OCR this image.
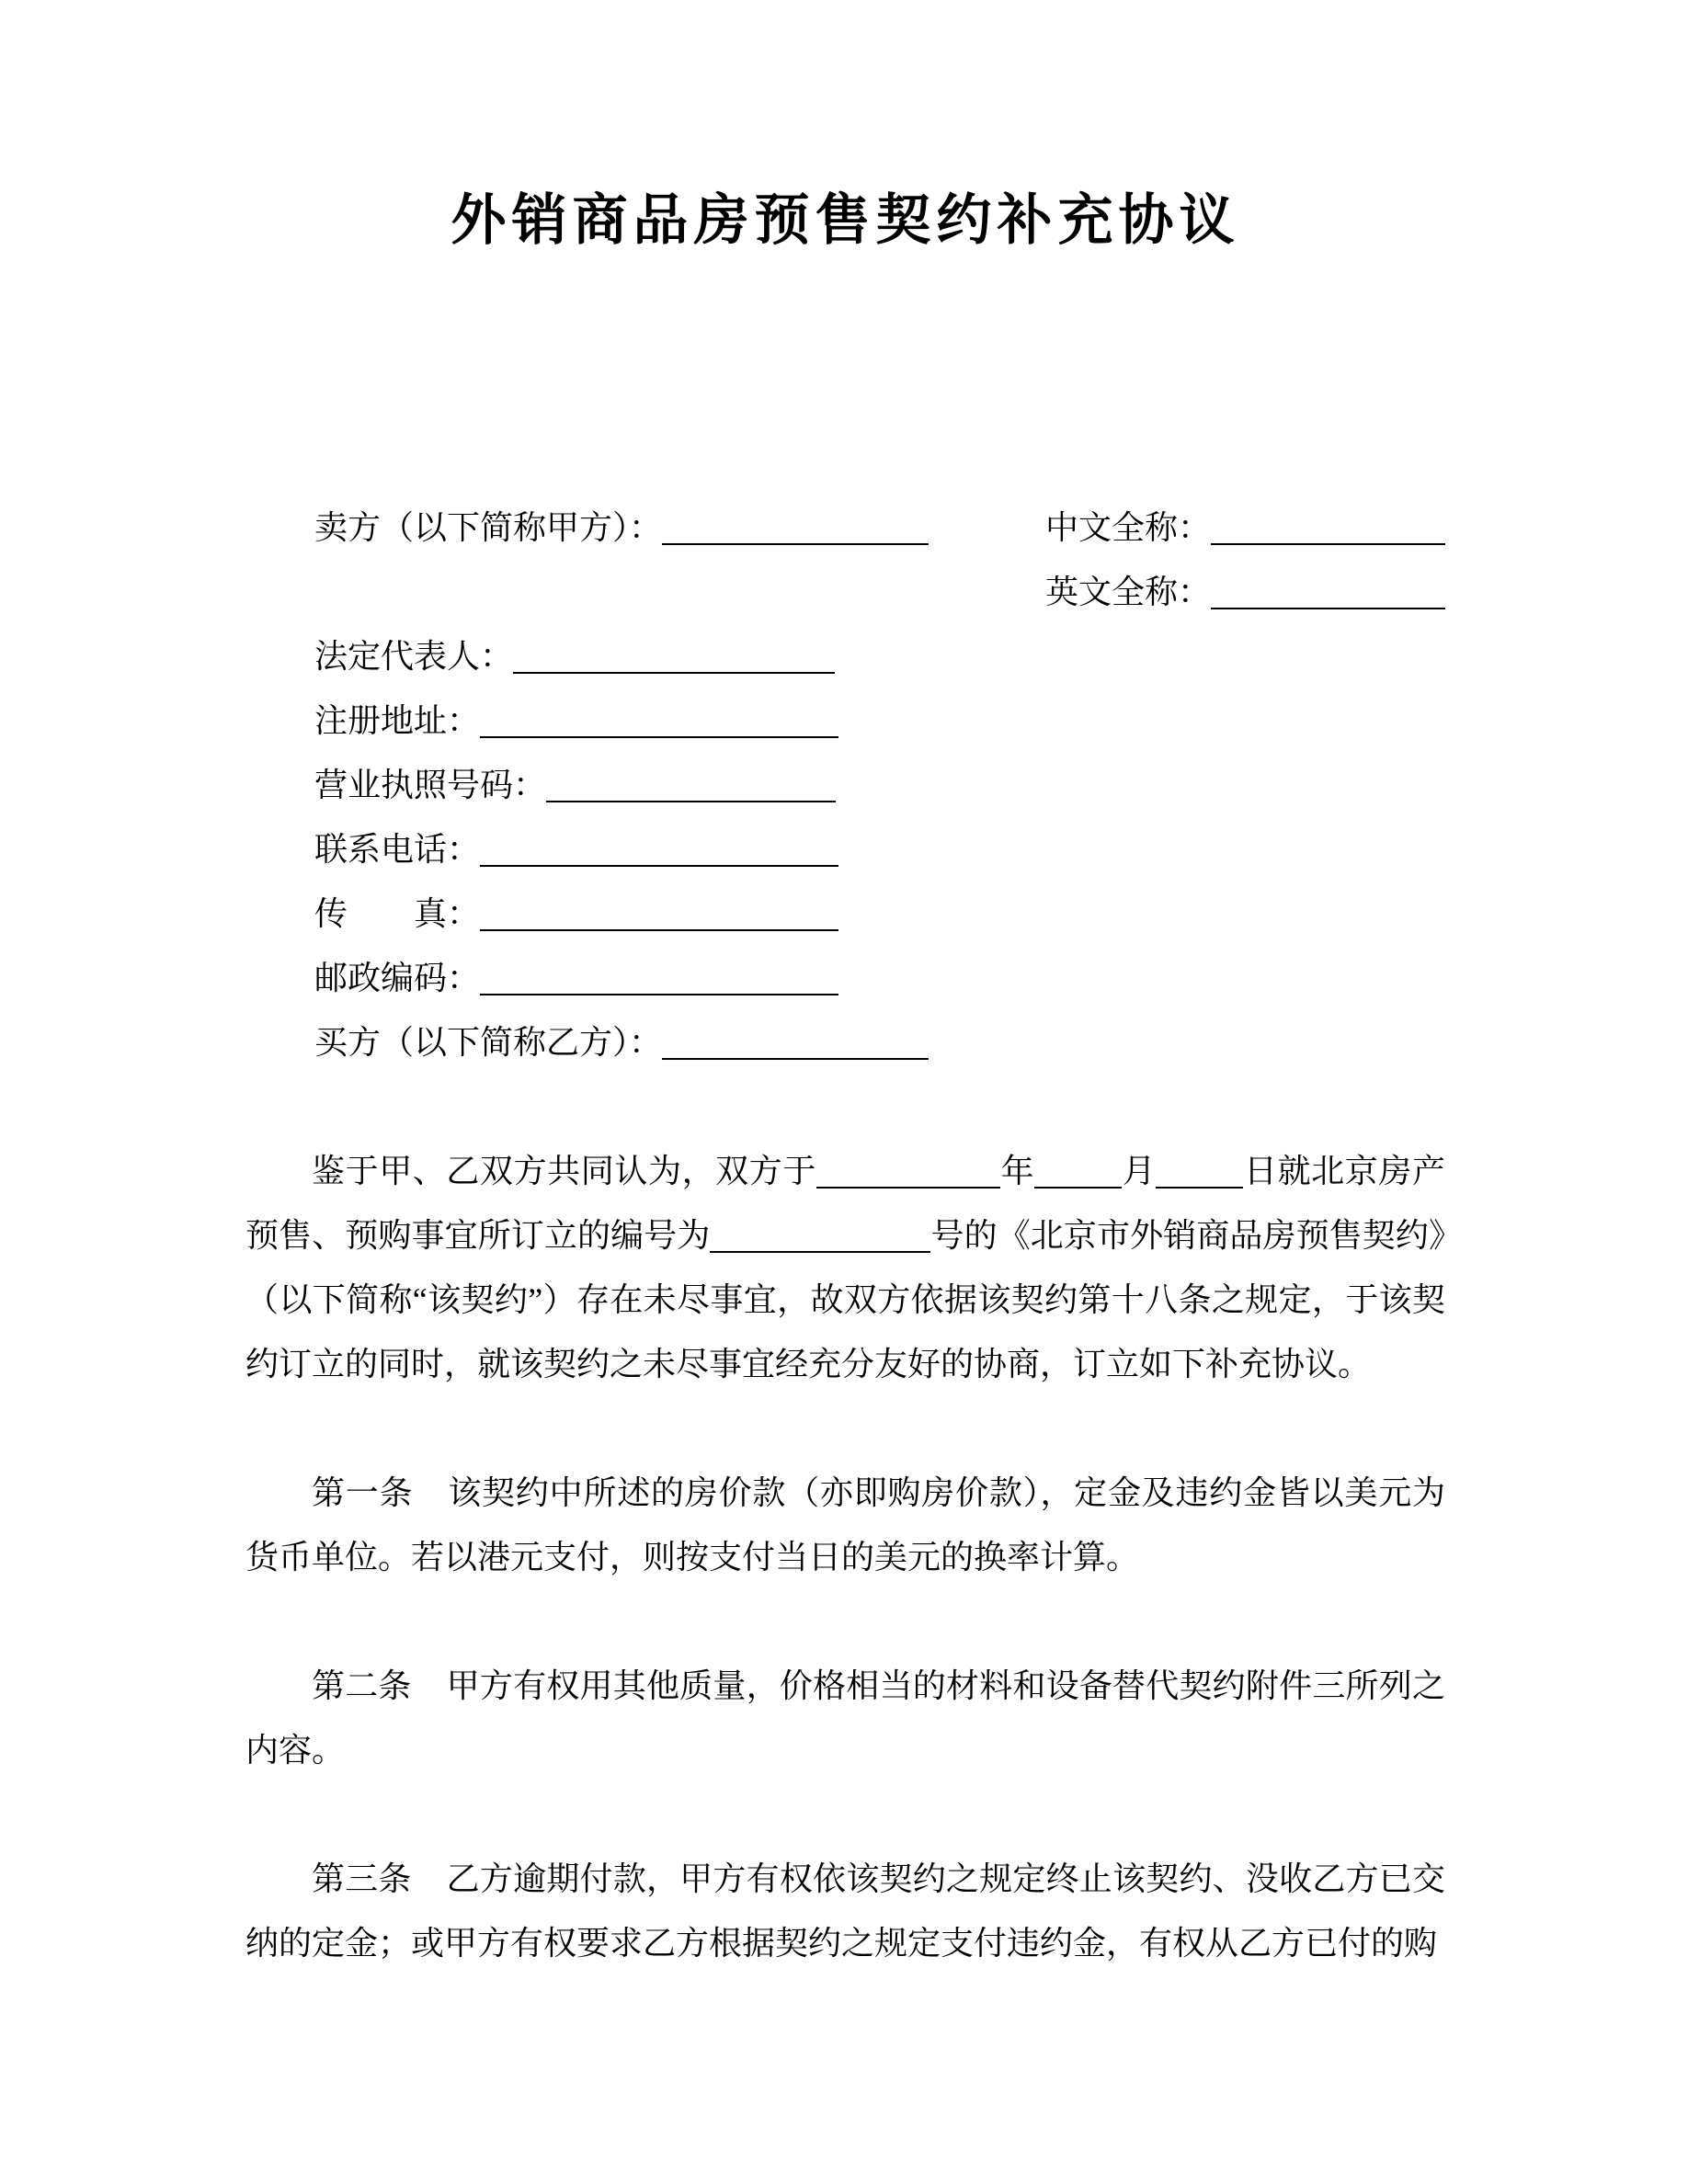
外销商品房预售契约补充协议
卖方（以下简称甲方）：	中文全称：
英文全称：
法定代表人：
注册地址：
营业执照号码：
联系电话：
传　　真：
邮政编码：
买方（以下简称乙方）：

鉴于甲、乙双方共同认为，双方于	年	月	日就北京房产预售、预购事宜所订立的编号为	号的《北京市外销商品房预售契约》（以下简称“该契约”）存在未尽事宜，故双方依据该契约第十八条之规定，于该契约订立的同时，就该契约之未尽事宜经充分友好的协商，订立如下补充协议。

第一条 该契约中所述的房价款（亦即购房价款），定金及违约金皆以美元为货币单位。若以港元支付，则按支付当日的美元的换率计算。

第二条 甲方有权用其他质量，价格相当的材料和设备替代契约附件三所列之内容。

第三条 乙方逾期付款，甲方有权依该契约之规定终止该契约、没收乙方已交纳的定金；或甲方有权要求乙方根据契约之规定支付违约金，有权从乙方已付的购
